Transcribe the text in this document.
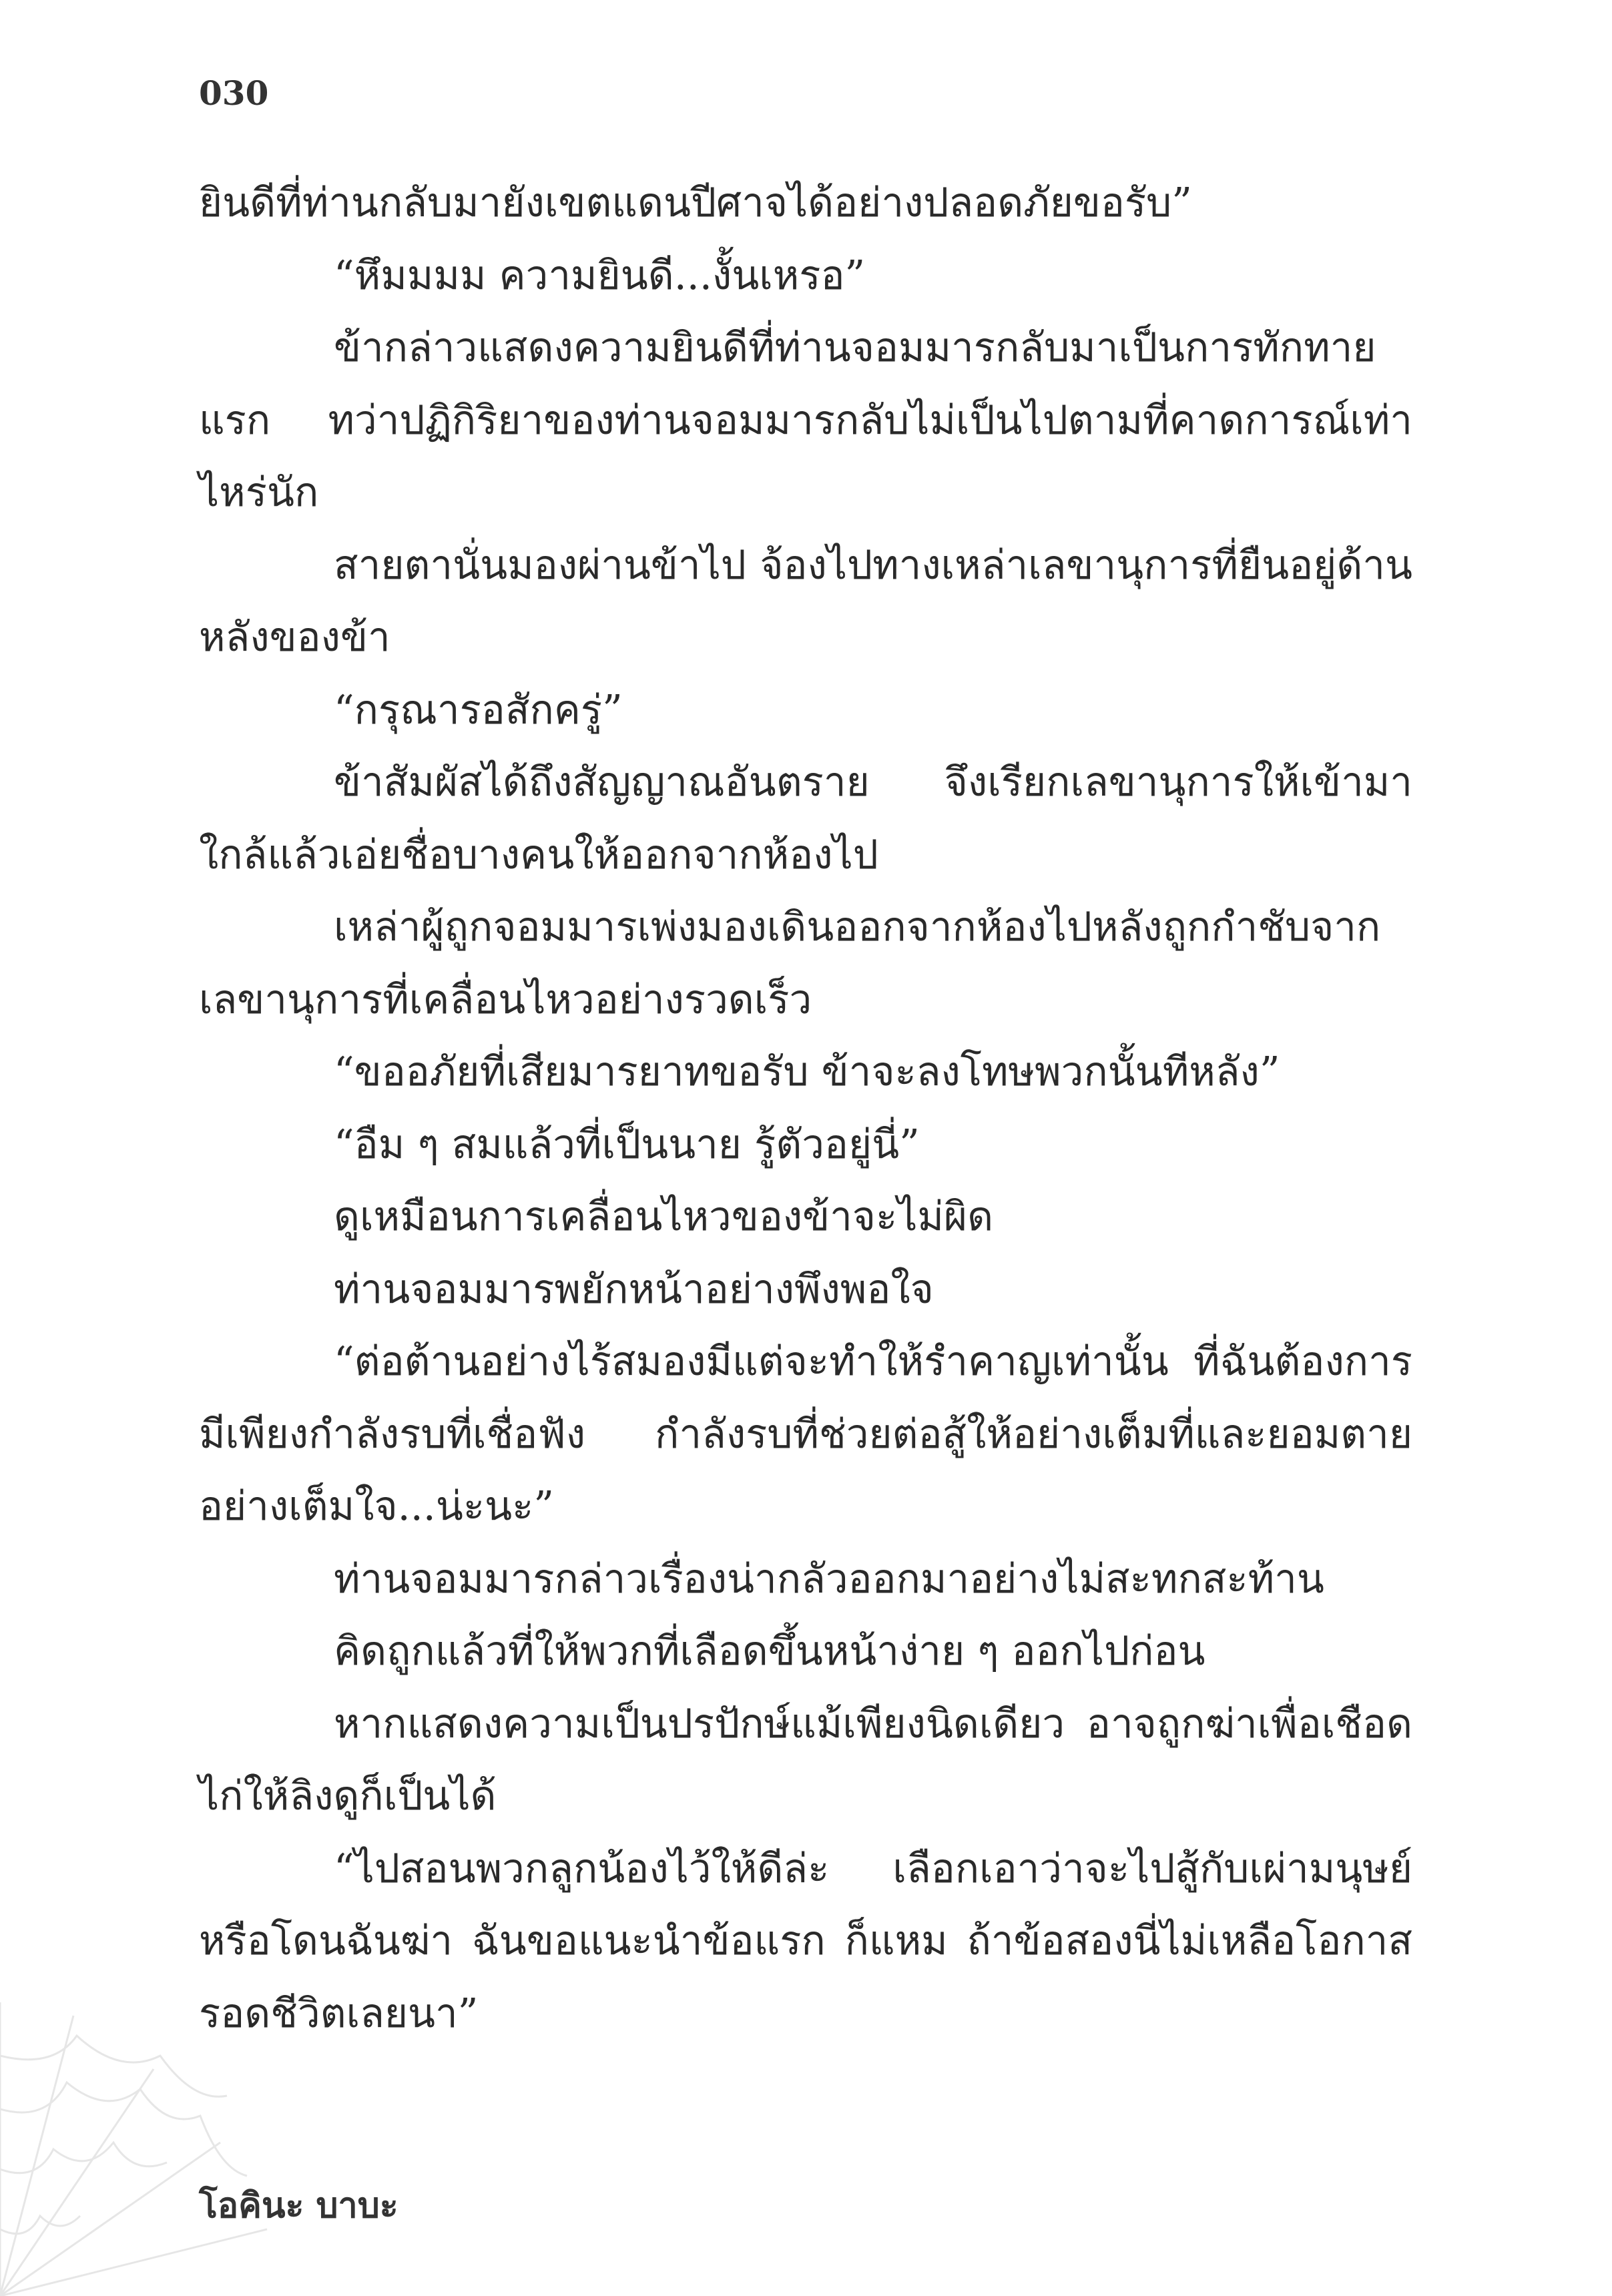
030

ยินดีที่ท่านกลับมายังเขตแดนปีศาจได้อย่างปลอดภัยขอรับ”

“หึมมมม ความยินดี...งั้นเหรอ”

ข้ากล่าวแสดงความยินดีที่ท่านจอมมารกลับมาเป็นการทักทายแรก ทว่าปฏิกิริยาของท่านจอมมารกลับไม่เป็นไปตามที่คาดการณ์เท่าไหร่นัก

สายตานั่นมองผ่านข้าไป จ้องไปทางเหล่าเลขานุการที่ยืนอยู่ด้านหลังของข้า

“กรุณารอสักครู่”

ข้าสัมผัสได้ถึงสัญญาณอันตราย จึงเรียกเลขานุการให้เข้ามาใกล้แล้วเอ่ยชื่อบางคนให้ออกจากห้องไป

เหล่าผู้ถูกจอมมารเพ่งมองเดินออกจากห้องไปหลังถูกกำชับจากเลขานุการที่เคลื่อนไหวอย่างรวดเร็ว

“ขออภัยที่เสียมารยาทขอรับ ข้าจะลงโทษพวกนั้นทีหลัง”

“อืม ๆ สมแล้วที่เป็นนาย รู้ตัวอยู่นี่”

ดูเหมือนการเคลื่อนไหวของข้าจะไม่ผิด

ท่านจอมมารพยักหน้าอย่างพึงพอใจ

“ต่อต้านอย่างไร้สมองมีแต่จะทำให้รำคาญเท่านั้น ที่ฉันต้องการมีเพียงกำลังรบที่เชื่อฟัง กำลังรบที่ช่วยต่อสู้ให้อย่างเต็มที่และยอมตายอย่างเต็มใจ...น่ะนะ”

ท่านจอมมารกล่าวเรื่องน่ากลัวออกมาอย่างไม่สะทกสะท้าน

คิดถูกแล้วที่ให้พวกที่เลือดขึ้นหน้าง่าย ๆ ออกไปก่อน

หากแสดงความเป็นปรปักษ์แม้เพียงนิดเดียว อาจถูกฆ่าเพื่อเชือดไก่ให้ลิงดูก็เป็นได้

“ไปสอนพวกลูกน้องไว้ให้ดีล่ะ เลือกเอาว่าจะไปสู้กับเผ่ามนุษย์หรือโดนฉันฆ่า ฉันขอแนะนำข้อแรก ก็แหม ถ้าข้อสองนี่ไม่เหลือโอกาสรอดชีวิตเลยนา”

โอคินะ บาบะ
